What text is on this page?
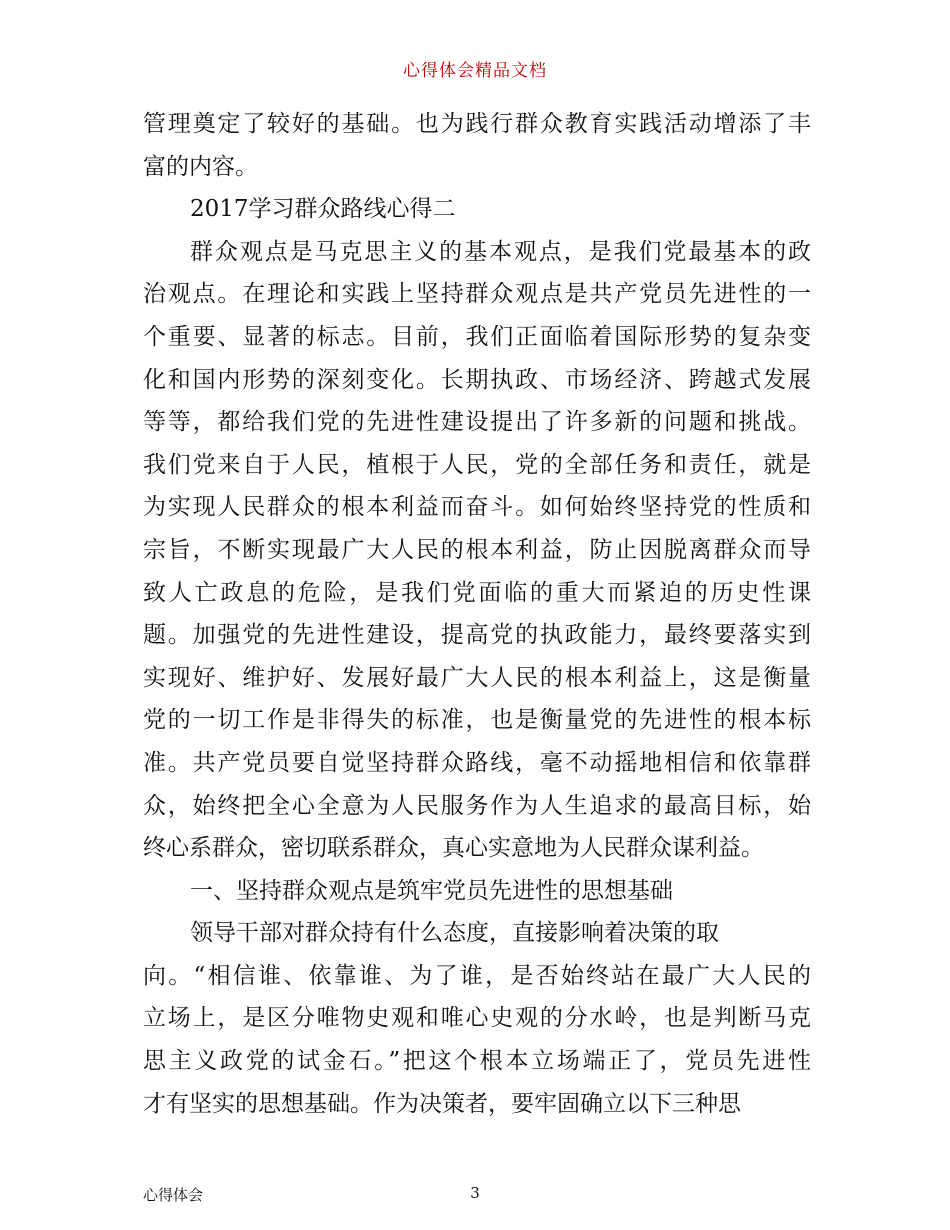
心得体会精品文档
管理奠定了较好的基础。也为践行群众教育实践活动增添了丰
富的内容。
2017学习群众路线心得二
群众观点是马克思主义的基本观点，是我们党最基本的政
治观点。在理论和实践上坚持群众观点是共产党员先进性的一
个重要、显著的标志。目前，我们正面临着国际形势的复杂变
化和国内形势的深刻变化。长期执政、市场经济、跨越式发展
等等，都给我们党的先进性建设提出了许多新的问题和挑战。
我们党来自于人民，植根于人民，党的全部任务和责任，就是
为实现人民群众的根本利益而奋斗。如何始终坚持党的性质和
宗旨，不断实现最广大人民的根本利益，防止因脱离群众而导
致人亡政息的危险，是我们党面临的重大而紧迫的历史性课
题。加强党的先进性建设，提高党的执政能力，最终要落实到
实现好、维护好、发展好最广大人民的根本利益上，这是衡量
党的一切工作是非得失的标准，也是衡量党的先进性的根本标
准。共产党员要自觉坚持群众路线，毫不动摇地相信和依靠群
众，始终把全心全意为人民服务作为人生追求的最高目标，始
终心系群众，密切联系群众，真心实意地为人民群众谋利益。
一、坚持群众观点是筑牢党员先进性的思想基础
领导干部对群众持有什么态度，直接影响着决策的取
向。“相信谁、依靠谁、为了谁，是否始终站在最广大人民的
立场上，是区分唯物史观和唯心史观的分水岭，也是判断马克
思主义政党的试金石。”把这个根本立场端正了，党员先进性
才有坚实的思想基础。作为决策者，要牢固确立以下三种思
心得体会	3
